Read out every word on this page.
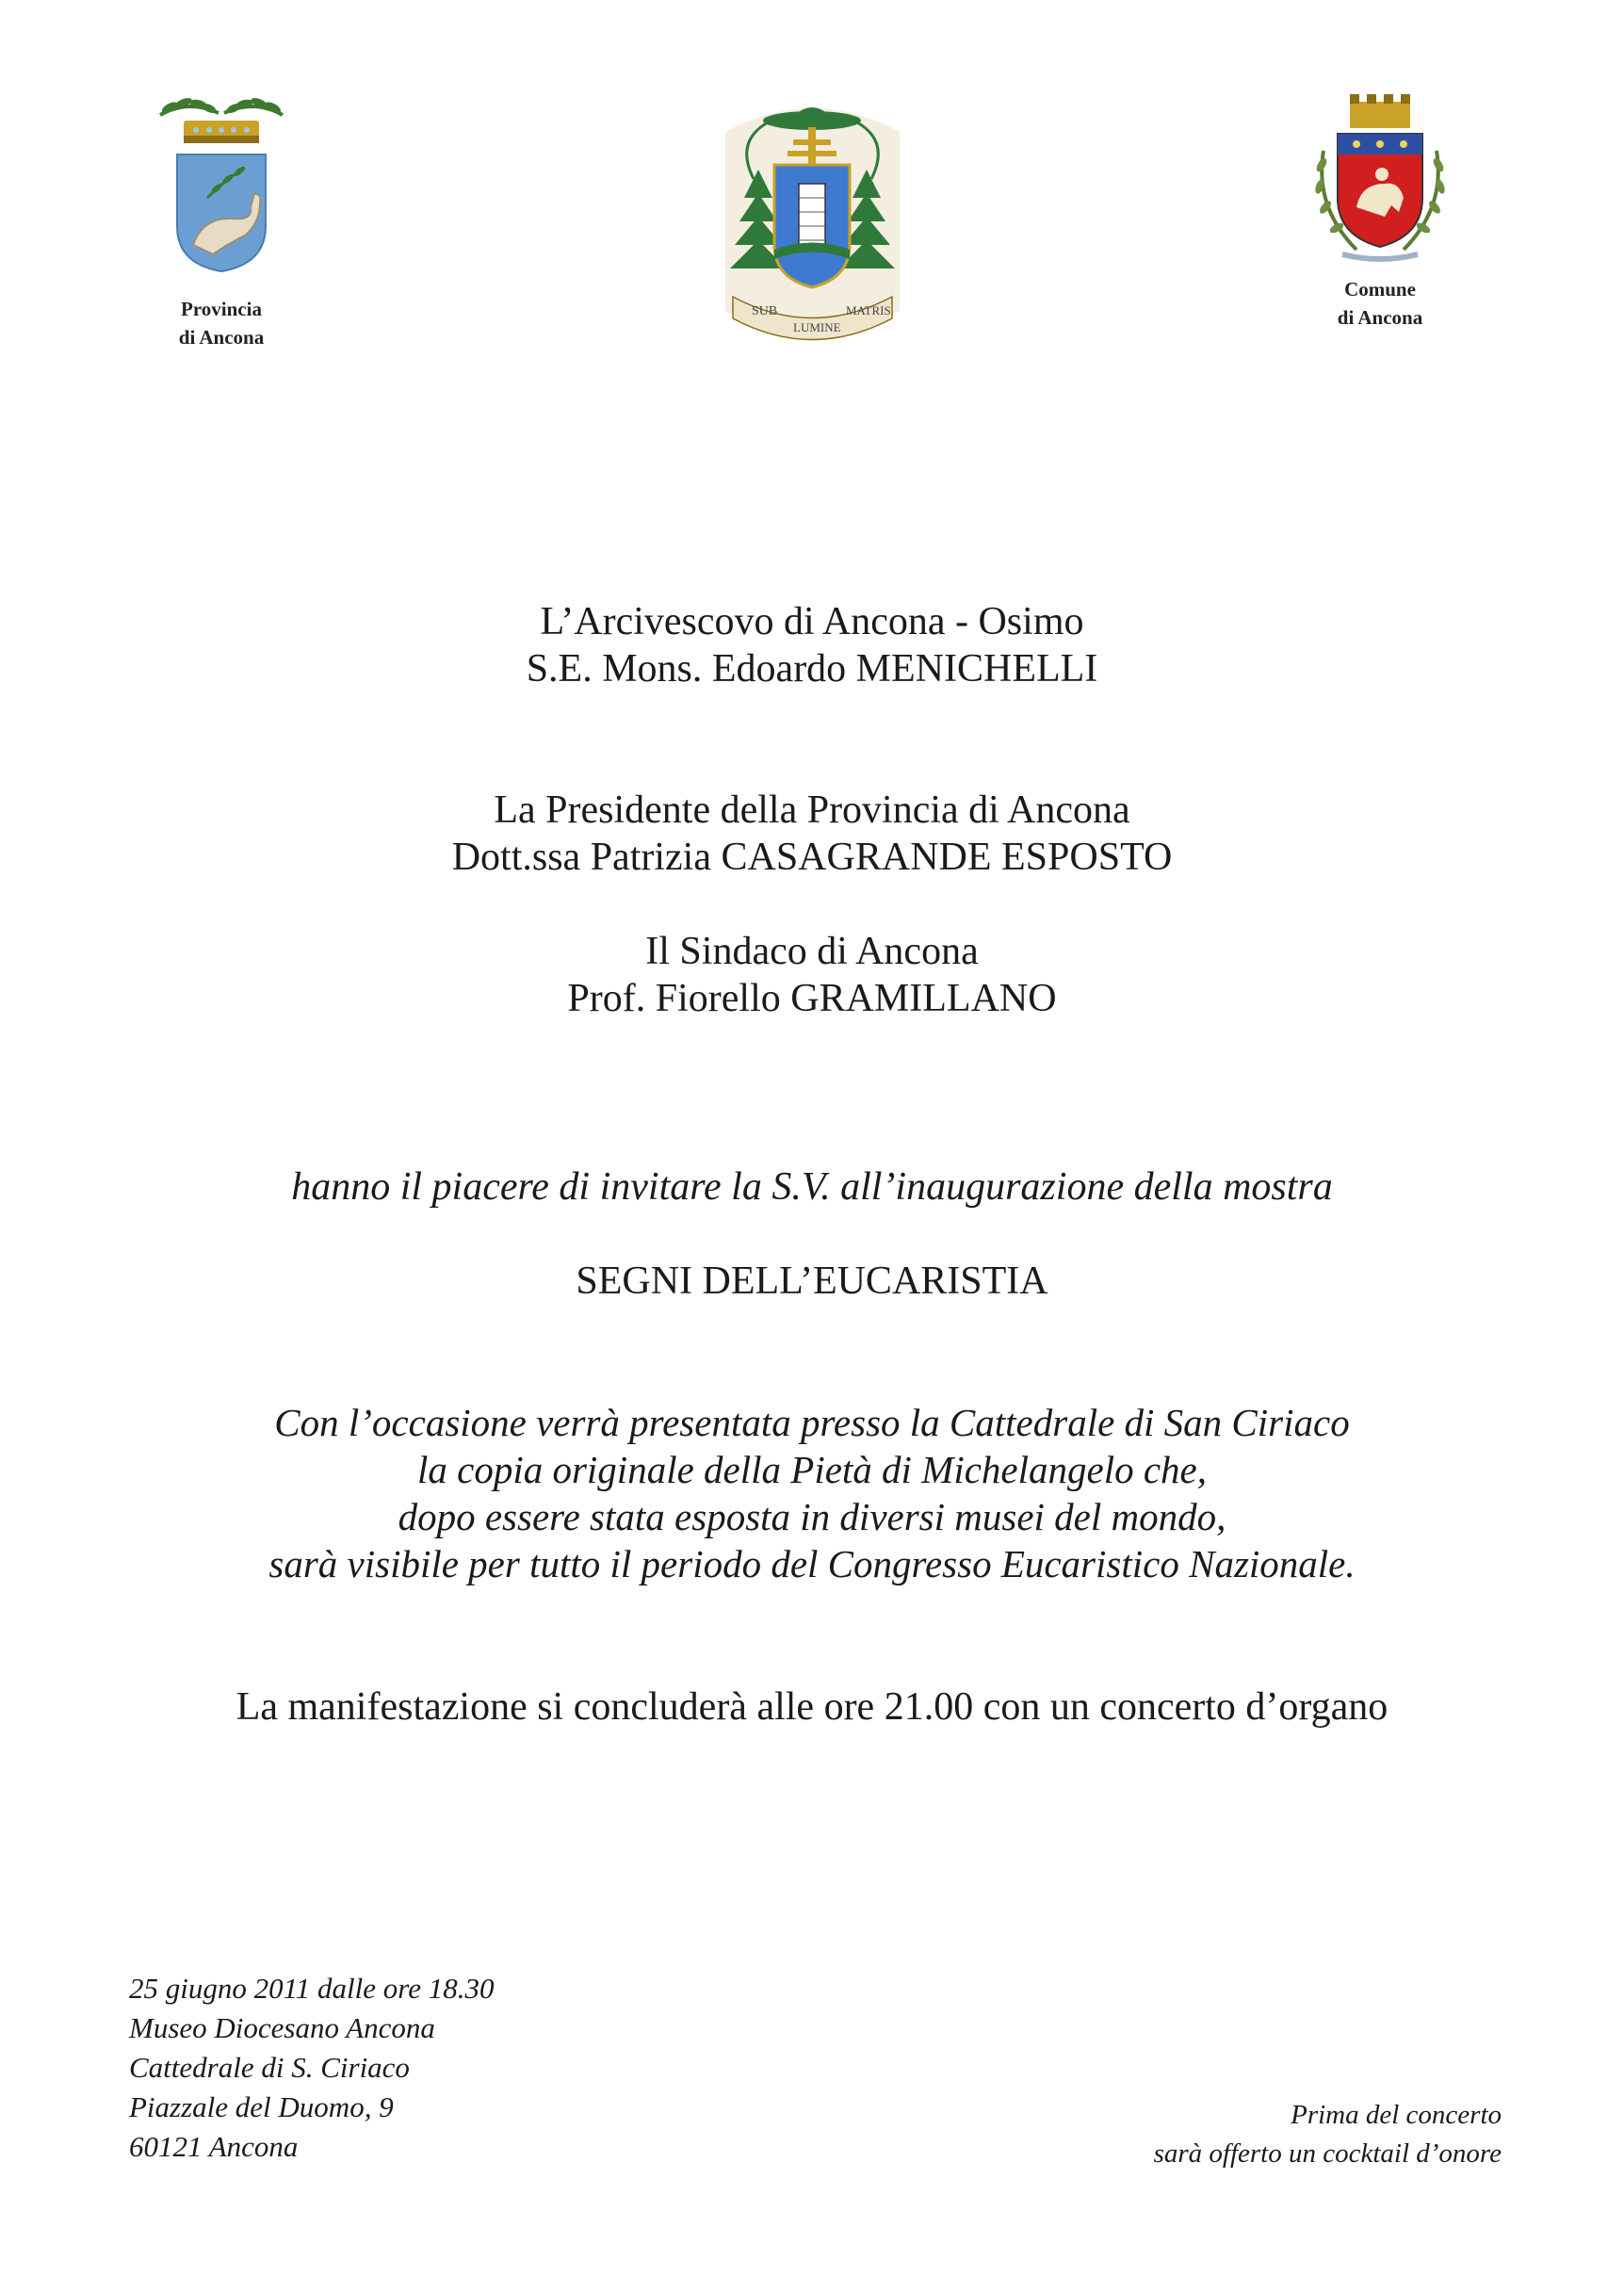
Provincia
di Ancona
SUB
LUMINE
MATRIS
Comune
di Ancona
L’Arcivescovo di Ancona - Osimo
S.E. Mons. Edoardo MENICHELLI
La Presidente della Provincia di Ancona
Dott.ssa Patrizia CASAGRANDE ESPOSTO
Il Sindaco di Ancona
Prof. Fiorello GRAMILLANO
hanno il piacere di invitare la S.V. all’inaugurazione della mostra
SEGNI DELL’EUCARISTIA
Con l’occasione verrà presentata presso la Cattedrale di San Ciriaco
la copia originale della Pietà di Michelangelo che,
dopo essere stata esposta in diversi musei del mondo,
sarà visibile per tutto il periodo del Congresso Eucaristico Nazionale.
La manifestazione si concluderà alle ore 21.00 con un concerto d’organo
25 giugno 2011 dalle ore 18.30
Museo Diocesano Ancona
Cattedrale di S. Ciriaco
Piazzale del Duomo, 9
60121 Ancona
Prima del concerto
sarà offerto un cocktail d’onore
